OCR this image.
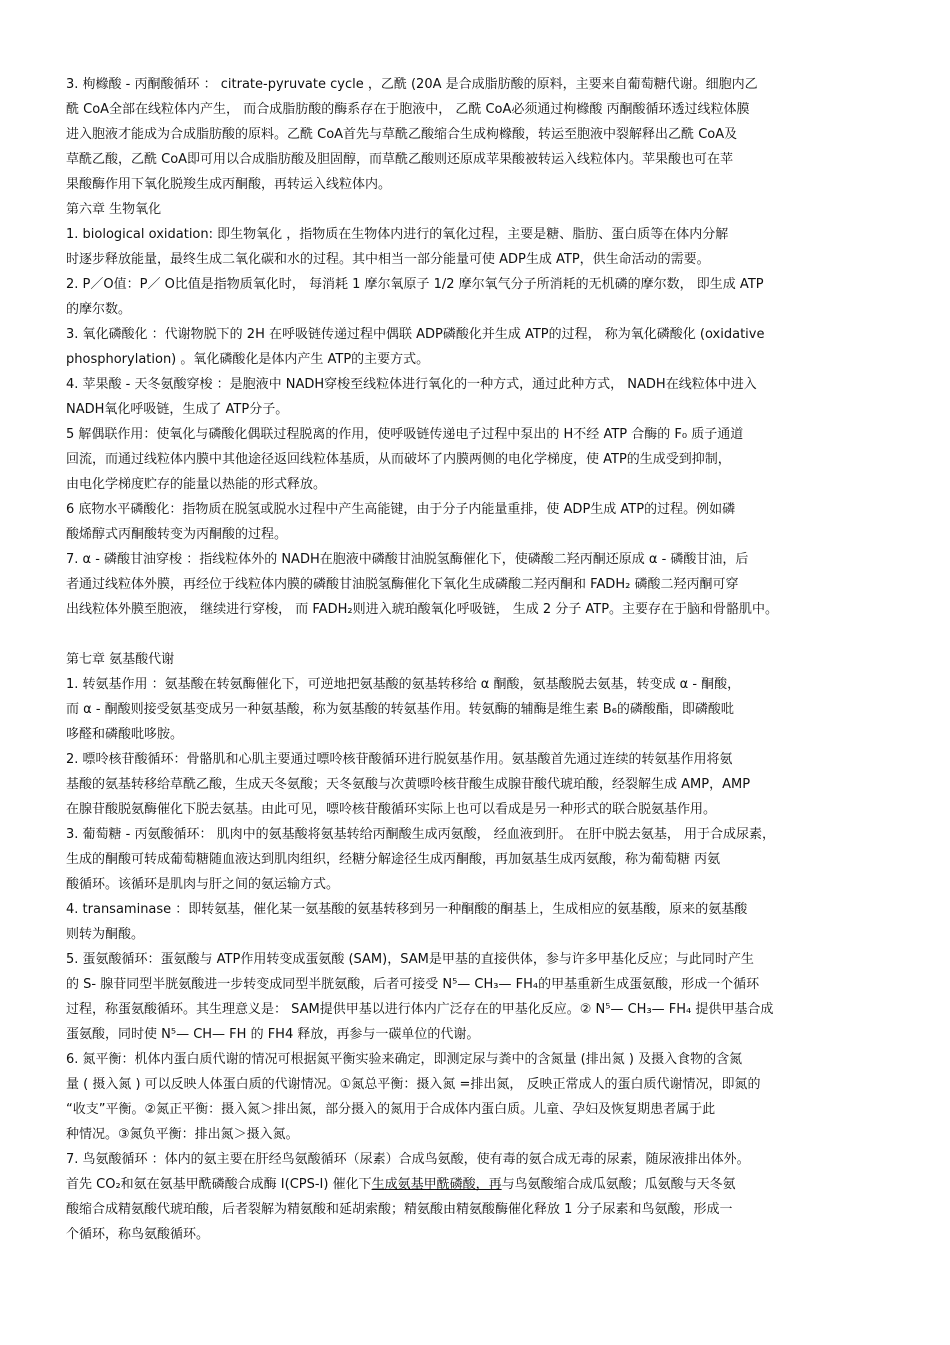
3. 枸橼酸 - 丙酮酸循环 ： citrate-pyruvate cycle ，乙酰 (20A 是合成脂肪酸的原料，主要来自葡萄糖代谢。细胞内乙
酰 CoA全部在线粒体内产生， 而合成脂肪酸的酶系存在于胞液中， 乙酰 CoA必须通过枸橼酸 丙酮酸循环透过线粒体膜
进入胞液才能成为合成脂肪酸的原料。乙酰 CoA首先与草酰乙酸缩合生成枸橼酸，转运至胞液中裂解释出乙酰 CoA及
草酰乙酸，乙酰 CoA即可用以合成脂肪酸及胆固醇，而草酰乙酸则还原成苹果酸被转运入线粒体内。苹果酸也可在苹
果酸酶作用下氧化脱羧生成丙酮酸，再转运入线粒体内。
第六章 生物氧化
1. biological oxidation: 即生物氧化 ，指物质在生物体内进行的氧化过程，主要是糖、脂肪、蛋白质等在体内分解
时逐步释放能量，最终生成二氧化碳和水的过程。其中相当一部分能量可使 ADP生成 ATP，供生命活动的需要。
2. P／O值：P／ O比值是指物质氧化时， 每消耗 1 摩尔氧原子 1/2 摩尔氧气分子所消耗的无机磷的摩尔数， 即生成 ATP
的摩尔数。
3. 氧化磷酸化 ：代谢物脱下的 2H 在呼吸链传递过程中偶联 ADP磷酸化并生成 ATP的过程， 称为氧化磷酸化 (oxidative
phosphorylation) 。氧化磷酸化是体内产生 ATP的主要方式。
4. 苹果酸 - 天冬氨酸穿梭 ：是胞液中 NADH穿梭至线粒体进行氧化的一种方式，通过此种方式， NADH在线粒体中进入
NADH氧化呼吸链，生成了 ATP分子。
5 解偶联作用：使氧化与磷酸化偶联过程脱离的作用，使呼吸链传递电子过程中泵出的 H不经 ATP 合酶的 F₀ 质子通道
回流，而通过线粒体内膜中其他途径返回线粒体基质，从而破坏了内膜两侧的电化学梯度，使 ATP的生成受到抑制，
由电化学梯度贮存的能量以热能的形式释放。
6 底物水平磷酸化：指物质在脱氢或脱水过程中产生高能键，由于分子内能量重排，使 ADP生成 ATP的过程。例如磷
酸烯醇式丙酮酸转变为丙酮酸的过程。
7. α - 磷酸甘油穿梭 ：指线粒体外的 NADH在胞液中磷酸甘油脱氢酶催化下，使磷酸二羟丙酮还原成 α - 磷酸甘油，后
者通过线粒体外膜，再经位于线粒体内膜的磷酸甘油脱氢酶催化下氧化生成磷酸二羟丙酮和 FADH₂ 磷酸二羟丙酮可穿
出线粒体外膜至胞液， 继续进行穿梭， 而 FADH₂则进入琥珀酸氧化呼吸链， 生成 2 分子 ATP。主要存在于脑和骨骼肌中。
第七章 氨基酸代谢
1. 转氨基作用 ：氨基酸在转氨酶催化下，可逆地把氨基酸的氨基转移给 α 酮酸，氨基酸脱去氨基，转变成 α - 酮酸，
而 α - 酮酸则接受氨基变成另一种氨基酸，称为氨基酸的转氨基作用。转氨酶的辅酶是维生素 B₆的磷酸酯，即磷酸吡
哆醛和磷酸吡哆胺。
2. 嘌呤核苷酸循环：骨骼肌和心肌主要通过嘌呤核苷酸循环进行脱氨基作用。氨基酸首先通过连续的转氨基作用将氨
基酸的氨基转移给草酰乙酸，生成天冬氨酸；天冬氨酸与次黄嘌呤核苷酸生成腺苷酸代琥珀酸，经裂解生成 AMP，AMP
在腺苷酸脱氨酶催化下脱去氨基。由此可见，嘌呤核苷酸循环实际上也可以看成是另一种形式的联合脱氨基作用。
3. 葡萄糖 - 丙氨酸循环： 肌肉中的氨基酸将氨基转给丙酮酸生成丙氨酸， 经血液到肝。 在肝中脱去氨基， 用于合成尿素，
生成的酮酸可转成葡萄糖随血液达到肌肉组织，经糖分解途径生成丙酮酸，再加氨基生成丙氨酸，称为葡萄糖 丙氨
酸循环。该循环是肌肉与肝之间的氨运输方式。
4. transaminase ：即转氨基，催化某一氨基酸的氨基转移到另一种酮酸的酮基上，生成相应的氨基酸，原来的氨基酸
则转为酮酸。
5. 蛋氨酸循环：蛋氨酸与 ATP作用转变成蛋氨酸 (SAM)，SAM是甲基的直接供体，参与许多甲基化反应；与此同时产生
的 S- 腺苷同型半胱氨酸进一步转变成同型半胱氨酸，后者可接受 N⁵— CH₃— FH₄的甲基重新生成蛋氨酸，形成一个循环
过程，称蛋氨酸循环。其生理意义是： SAM提供甲基以进行体内广泛存在的甲基化反应。② N⁵— CH₃— FH₄ 提供甲基合成
蛋氨酸，同时使 N⁵— CH— FH 的 FH4 释放，再参与一碳单位的代谢。
6. 氮平衡：机体内蛋白质代谢的情况可根据氮平衡实验来确定，即测定尿与粪中的含氮量 (排出氮 ) 及摄入食物的含氮
量 ( 摄入氮 ) 可以反映人体蛋白质的代谢情况。①氮总平衡：摄入氮 =排出氮， 反映正常成人的蛋白质代谢情况，即氮的
“收支”平衡。②氮正平衡：摄入氮＞排出氮，部分摄入的氮用于合成体内蛋白质。儿童、孕妇及恢复期患者属于此
种情况。③氮负平衡：排出氮＞摄入氮。
7. 鸟氨酸循环 ：体内的氨主要在肝经鸟氨酸循环（尿素）合成鸟氨酸，使有毒的氨合成无毒的尿素，随尿液排出体外。
首先 CO₂和氨在氨基甲酰磷酸合成酶 I(CPS-I) 催化下生成氨基甲酰磷酸，再与鸟氨酸缩合成瓜氨酸；瓜氨酸与天冬氨
酸缩合成精氨酸代琥珀酸，后者裂解为精氨酸和延胡索酸；精氨酸由精氨酸酶催化释放 1 分子尿素和鸟氨酸，形成一
个循环，称鸟氨酸循环。
